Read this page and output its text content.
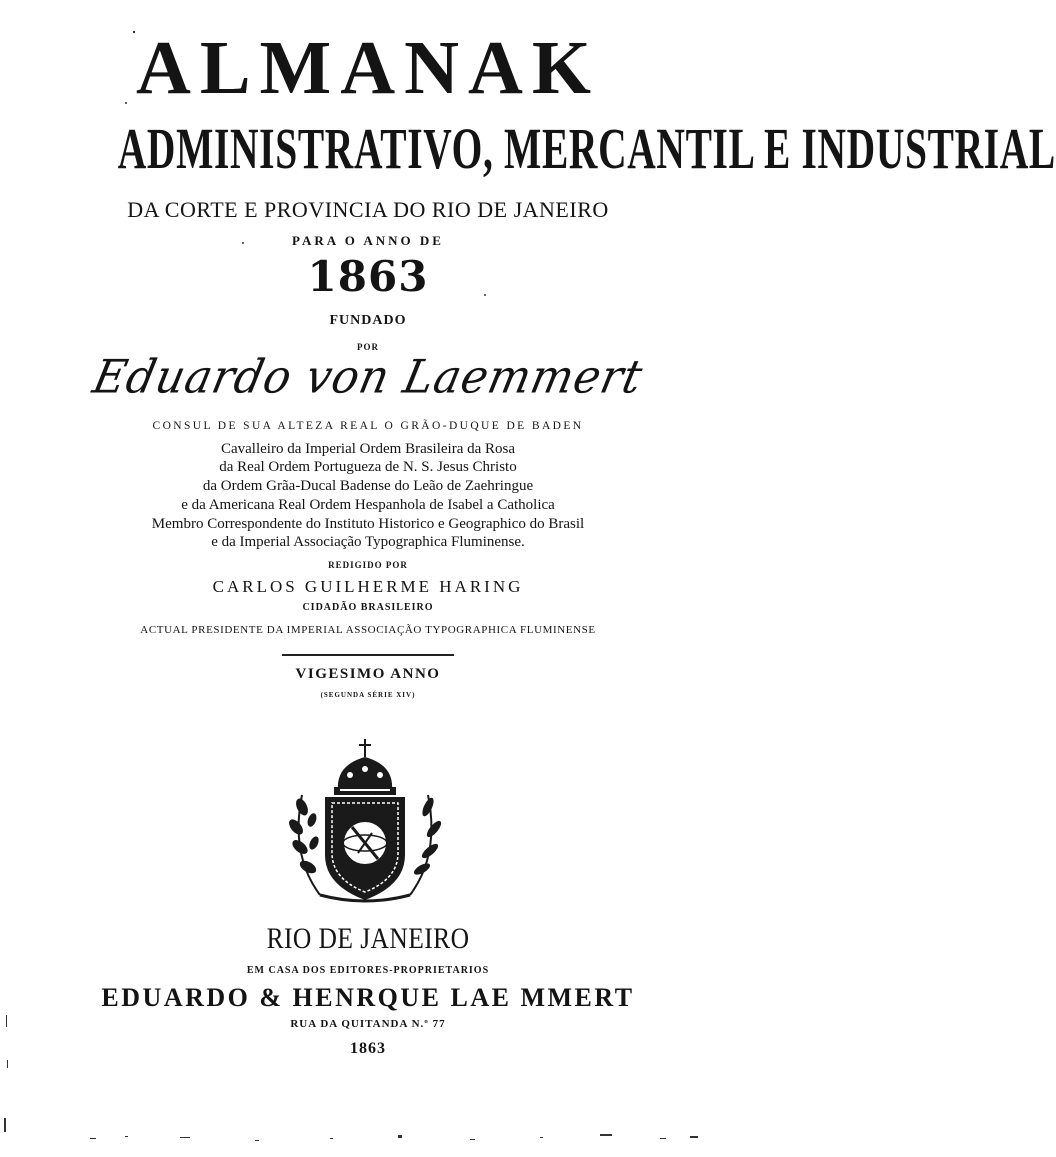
ALMANAK
ADMINISTRATIVO, MERCANTIL E INDUSTRIAL
DA CORTE E PROVINCIA DO RIO DE JANEIRO
PARA O ANNO DE
1863
FUNDADO
POR
Eduardo von Laemmert
CONSUL DE SUA ALTEZA REAL O GRÃO-DUQUE DE BADEN
Cavalleiro da Imperial Ordem Brasileira da Rosa
da Real Ordem Portugueza de N. S. Jesus Christo
da Ordem Grãa-Ducal Badense do Leão de Zaehringue
e da Americana Real Ordem Hespanhola de Isabel a Catholica
Membro Correspondente do Instituto Historico e Geographico do Brasil
e da Imperial Associação Typographica Fluminense.
REDIGIDO POR
CARLOS GUILHERME HARING
CIDADÃO BRASILEIRO
ACTUAL PRESIDENTE DA IMPERIAL ASSOCIAÇÃO TYPOGRAPHICA FLUMINENSE
VIGESIMO ANNO
(SEGUNDA SÉRIE XIV)
RIO DE JANEIRO
EM CASA DOS EDITORES-PROPRIETARIOS
EDUARDO & HENRQUE LAE MMERT
RUA DA QUITANDA N.º 77
1863
